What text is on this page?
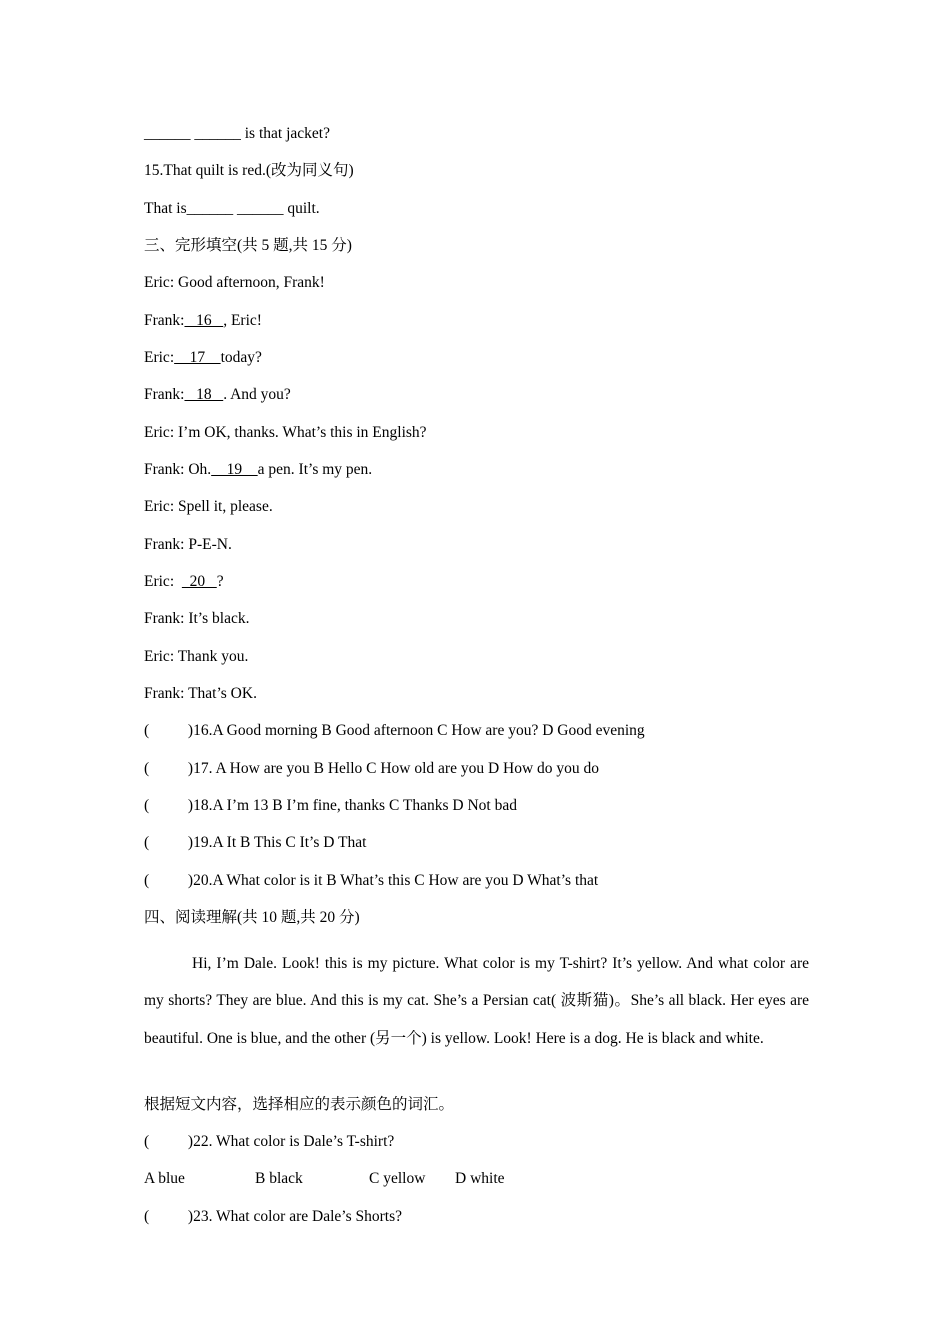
______ ______ is that jacket?
15.That quilt is red.(改为同义句)
That is______ ______ quilt.
三、完形填空(共 5 题,共 15 分)
Eric: Good afternoon, Frank!
Frank:   16   , Eric!
Eric:    17    today?
Frank:   18   . And you?
Eric: I’m OK, thanks. What’s this in English?
Frank: Oh.    19    a pen. It’s my pen.
Eric: Spell it, please.
Frank: P-E-N.
Eric:    20   ?
Frank: It’s black.
Eric: Thank you.
Frank: That’s OK.
(          )16.A Good morning B Good afternoon C How are you? D Good evening
(          )17. A How are you B Hello C How old are you D How do you do
(          )18.A I’m 13 B I’m fine, thanks C Thanks D Not bad
(          )19.A It B This C It’s D That
(          )20.A What color is it B What’s this C How are you D What’s that
四、阅读理解(共 10 题,共 20 分)
Hi, I’m Dale. Look! this is my picture. What color is my T-shirt? It’s yellow. And what color are my shorts? They are blue. And this is my cat. She’s a Persian cat( 波斯猫)。She’s all black. Her eyes are beautiful. One is blue, and the other (另一个) is yellow. Look! Here is a dog. He is black and white.
根据短文内容，选择相应的表示颜色的词汇。
(          )22. What color is Dale’s T-shirt?
A blue	B black	C yellow D white
(          )23. What color are Dale’s Shorts?
